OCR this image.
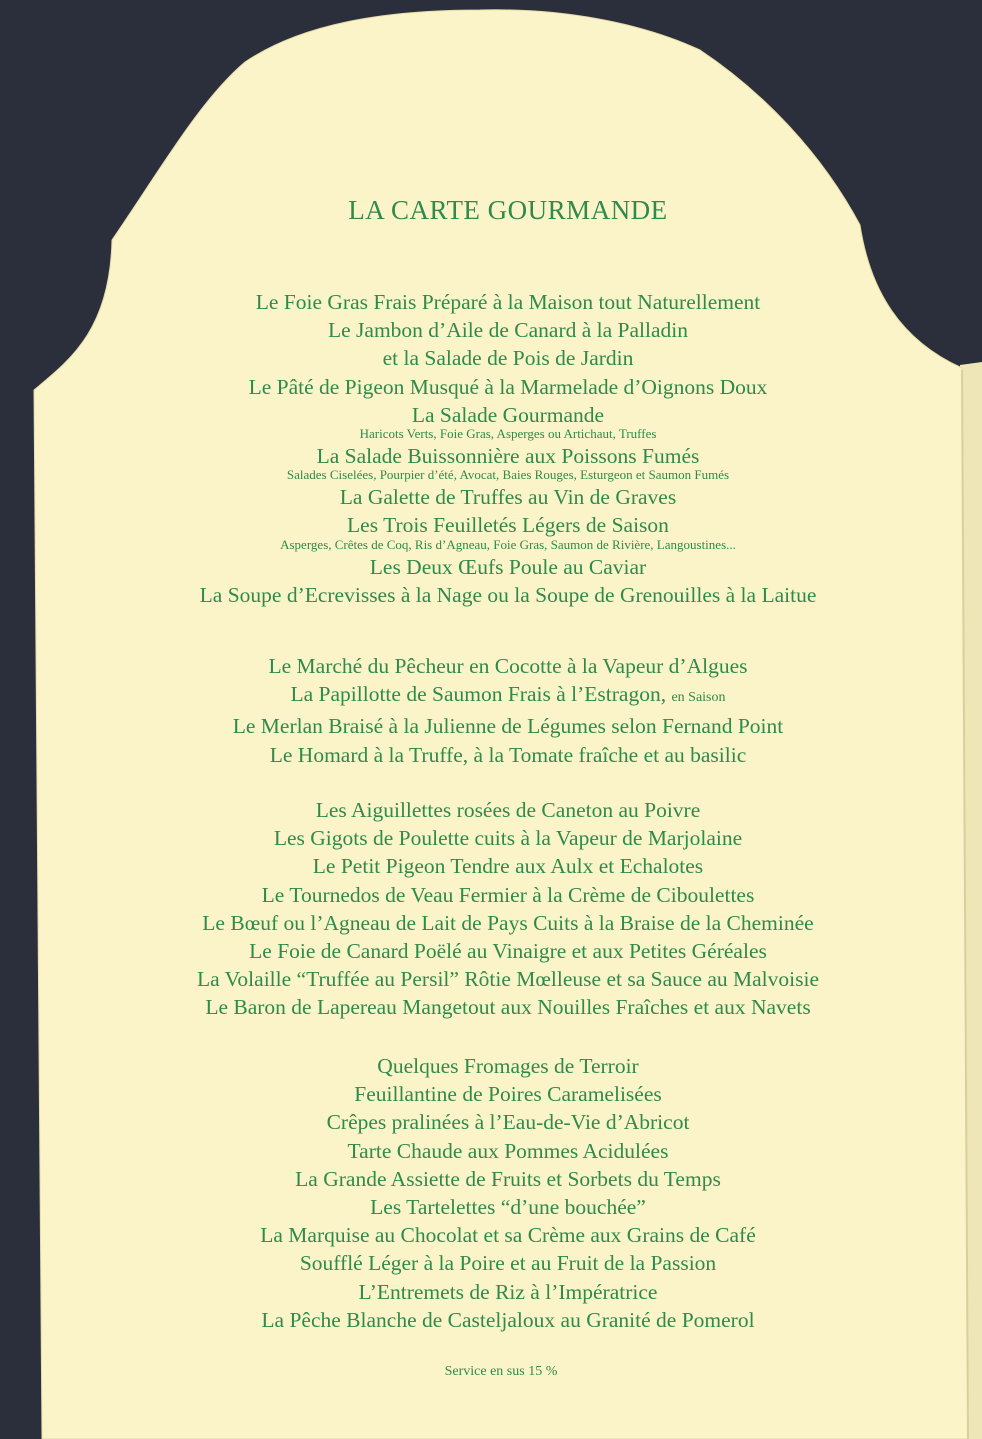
LA CARTE GOURMANDE
Le Foie Gras Frais Préparé à la Maison tout Naturellement
Le Jambon d’Aile de Canard à la Palladin
et la Salade de Pois de Jardin
Le Pâté de Pigeon Musqué à la Marmelade d’Oignons Doux
La Salade Gourmande
Haricots Verts, Foie Gras, Asperges ou Artichaut, Truffes
La Salade Buissonnière aux Poissons Fumés
Salades Ciselées, Pourpier d’été, Avocat, Baies Rouges, Esturgeon et Saumon Fumés
La Galette de Truffes au Vin de Graves
Les Trois Feuilletés Légers de Saison
Asperges, Crêtes de Coq, Ris d’Agneau, Foie Gras, Saumon de Rivière, Langoustines...
Les Deux Œufs Poule au Caviar
La Soupe d’Ecrevisses à la Nage ou la Soupe de Grenouilles à la Laitue
Le Marché du Pêcheur en Cocotte à la Vapeur d’Algues
La Papillotte de Saumon Frais à l’Estragon, en Saison
Le Merlan Braisé à la Julienne de Légumes selon Fernand Point
Le Homard à la Truffe, à la Tomate fraîche et au basilic
Les Aiguillettes rosées de Caneton au Poivre
Les Gigots de Poulette cuits à la Vapeur de Marjolaine
Le Petit Pigeon Tendre aux Aulx et Echalotes
Le Tournedos de Veau Fermier à la Crème de Ciboulettes
Le Bœuf ou l’Agneau de Lait de Pays Cuits à la Braise de la Cheminée
Le Foie de Canard Poëlé au Vinaigre et aux Petites Géréales
La Volaille “Truffée au Persil” Rôtie Mœlleuse et sa Sauce au Malvoisie
Le Baron de Lapereau Mangetout aux Nouilles Fraîches et aux Navets
Quelques Fromages de Terroir
Feuillantine de Poires Caramelisées
Crêpes pralinées à l’Eau-de-Vie d’Abricot
Tarte Chaude aux Pommes Acidulées
La Grande Assiette de Fruits et Sorbets du Temps
Les Tartelettes “d’une bouchée”
La Marquise au Chocolat et sa Crème aux Grains de Café
Soufflé Léger à la Poire et au Fruit de la Passion
L’Entremets de Riz à l’Impératrice
La Pêche Blanche de Casteljaloux au Granité de Pomerol
Service en sus 15 %
